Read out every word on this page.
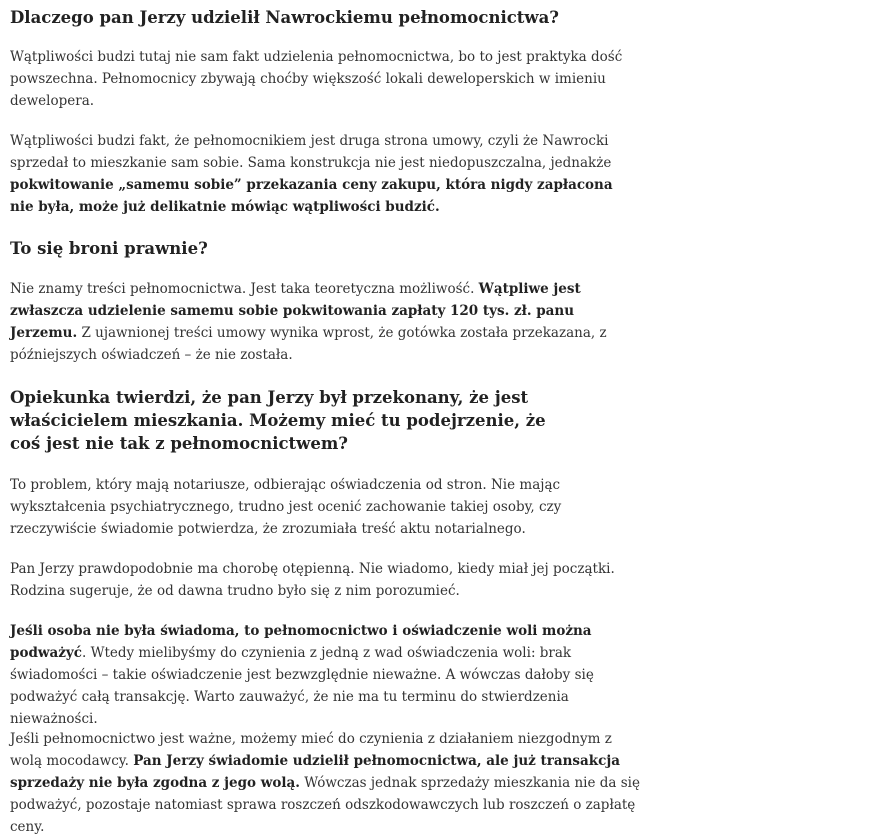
Dlaczego pan Jerzy udzielił Nawrockiemu pełnomocnictwa?

Wątpliwości budzi tutaj nie sam fakt udzielenia pełnomocnictwa, bo to jest praktyka dość powszechna. Pełnomocnicy zbywają choćby większość lokali deweloperskich w imieniu dewelopera.

Wątpliwości budzi fakt, że pełnomocnikiem jest druga strona umowy, czyli że Nawrocki sprzedał to mieszkanie sam sobie. Sama konstrukcja nie jest niedopuszczalna, jednakże pokwitowanie „samemu sobie” przekazania ceny zakupu, która nigdy zapłacona nie była, może już delikatnie mówiąc wątpliwości budzić.

To się broni prawnie?

Nie znamy treści pełnomocnictwa. Jest taka teoretyczna możliwość. Wątpliwe jest zwłaszcza udzielenie samemu sobie pokwitowania zapłaty 120 tys. zł. panu Jerzemu. Z ujawnionej treści umowy wynika wprost, że gotówka została przekazana, z późniejszych oświadczeń – że nie została.

Opiekunka twierdzi, że pan Jerzy był przekonany, że jest właścicielem mieszkania. Możemy mieć tu podejrzenie, że coś jest nie tak z pełnomocnictwem?

To problem, który mają notariusze, odbierając oświadczenia od stron. Nie mając wykształcenia psychiatrycznego, trudno jest ocenić zachowanie takiej osoby, czy rzeczywiście świadomie potwierdza, że zrozumiała treść aktu notarialnego.

Pan Jerzy prawdopodobnie ma chorobę otępienną. Nie wiadomo, kiedy miał jej początki. Rodzina sugeruje, że od dawna trudno było się z nim porozumieć.

Jeśli osoba nie była świadoma, to pełnomocnictwo i oświadczenie woli można podważyć. Wtedy mielibyśmy do czynienia z jedną z wad oświadczenia woli: brak świadomości – takie oświadczenie jest bezwzględnie nieważne. A wówczas dałoby się podważyć całą transakcję. Warto zauważyć, że nie ma tu terminu do stwierdzenia nieważności.

Jeśli pełnomocnictwo jest ważne, możemy mieć do czynienia z działaniem niezgodnym z wolą mocodawcy. Pan Jerzy świadomie udzielił pełnomocnictwa, ale już transakcja sprzedaży nie była zgodna z jego wolą. Wówczas jednak sprzedaży mieszkania nie da się podważyć, pozostaje natomiast sprawa roszczeń odszkodowawczych lub roszczeń o zapłatę ceny.
